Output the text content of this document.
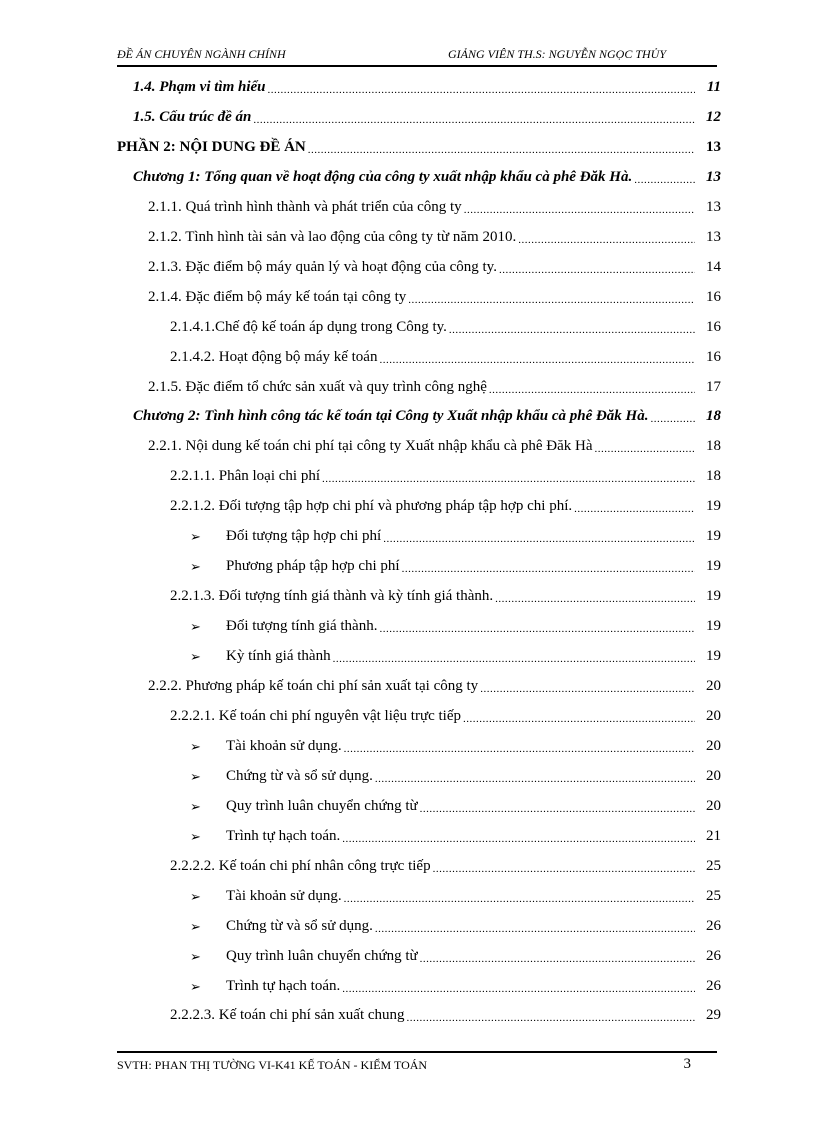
ĐỀ ÁN CHUYÊN NGÀNH CHÍNH	GIẢNG VIÊN TH.S: NGUYỄN NGỌC THỦY
1.4. Phạm vi tìm hiểu .....	11
1.5. Cấu trúc đề án .....	12
PHẦN 2: NỘI DUNG ĐỀ ÁN .....	13
Chương 1: Tổng quan về hoạt động của công ty xuất nhập khẩu cà phê Đăk Hà. .....	13
2.1.1. Quá trình hình thành và phát triển của công ty .....	13
2.1.2. Tình hình tài sản và lao động của công ty từ năm 2010. .....	13
2.1.3. Đặc điểm bộ máy quản lý và hoạt động của công ty. .....	14
2.1.4. Đặc điểm bộ máy kế toán tại công ty .....	16
2.1.4.1.Chế độ kế toán áp dụng trong Công ty. .....	16
2.1.4.2. Hoạt động bộ máy kế toán .....	16
2.1.5. Đặc điểm tổ chức sản xuất và quy trình công nghệ .....	17
Chương 2: Tình hình công tác kế toán tại Công ty Xuất nhập khẩu cà phê Đăk Hà. .....	18
2.2.1. Nội dung kế toán chi phí tại công ty Xuất nhập khẩu cà phê Đăk Hà .....	18
2.2.1.1. Phân loại chi phí .....	18
2.2.1.2. Đối tượng tập hợp chi phí và phương pháp tập hợp chi phí. .....	19
➢	Đối tượng tập hợp chi phí .....	19
➢	Phương pháp tập hợp chi phí .....	19
2.2.1.3. Đối tượng tính giá thành và kỳ tính giá thành. .....	19
➢	Đối tượng tính giá thành. .....	19
➢	Kỳ tính giá thành .....	19
2.2.2. Phương pháp kế toán chi phí sản xuất tại công ty .....	20
2.2.2.1. Kế toán chi phí nguyên vật liệu trực tiếp .....	20
➢	Tài khoản sử dụng. .....	20
➢	Chứng từ và sổ sử dụng. .....	20
➢	Quy trình luân chuyển chứng từ .....	20
➢	Trình tự hạch toán. .....	21
2.2.2.2. Kế toán chi phí nhân công trực tiếp .....	25
➢	Tài khoản sử dụng. .....	25
➢	Chứng từ và sổ sử dụng. .....	26
➢	Quy trình luân chuyển chứng từ .....	26
➢	Trình tự hạch toán. .....	26
2.2.2.3. Kế toán chi phí sản xuất chung .....	29
SVTH: PHAN THỊ TƯỜNG VI-K41 KẾ TOÁN - KIỂM TOÁN	3
